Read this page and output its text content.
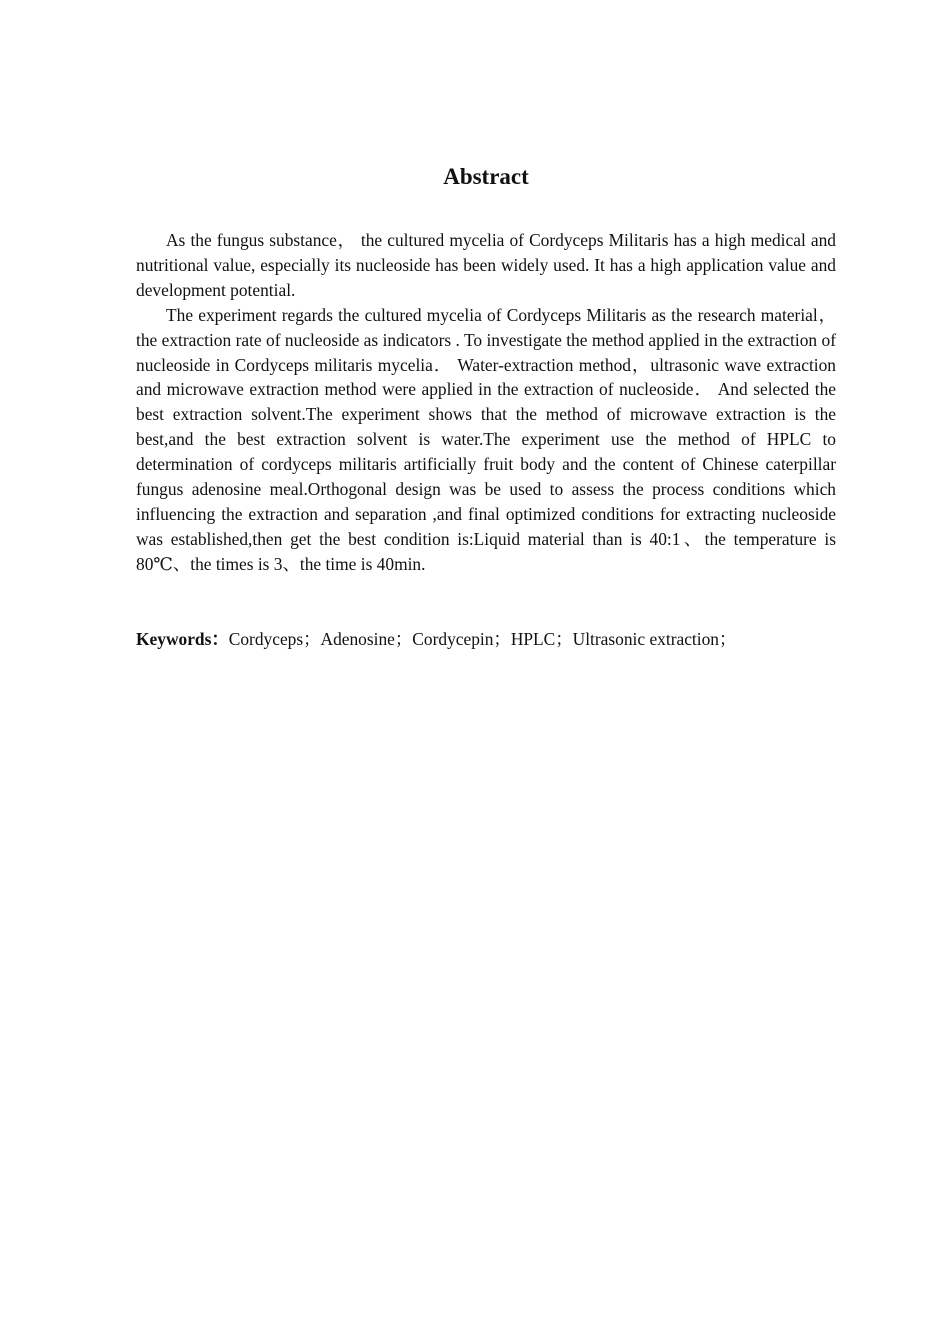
Abstract

As the fungus substance， the cultured mycelia of Cordyceps Militaris has a high medical and nutritional value, especially its nucleoside has been widely used. It has a high application value and development potential.

The experiment regards the cultured mycelia of Cordyceps Militaris as the research material， the extraction rate of nucleoside as indicators . To investigate the method applied in the extraction of nucleoside in Cordyceps militaris mycelia． Water-extraction method，ultrasonic wave extraction and microwave extraction method were applied in the extraction of nucleoside． And selected the best extraction solvent.The experiment shows that the method of microwave extraction is the best,and the best extraction solvent is water.The experiment use the method of HPLC to determination of cordyceps militaris artificially fruit body and the content of Chinese caterpillar fungus adenosine meal.Orthogonal design was be used to assess the process conditions which influencing the extraction and separation ,and final optimized conditions for extracting nucleoside was established,then get the best condition is:Liquid material than is 40:1、the temperature is 80℃、the times is 3、the time is 40min.

Keywords：Cordyceps；Adenosine；Cordycepin；HPLC；Ultrasonic extraction；
